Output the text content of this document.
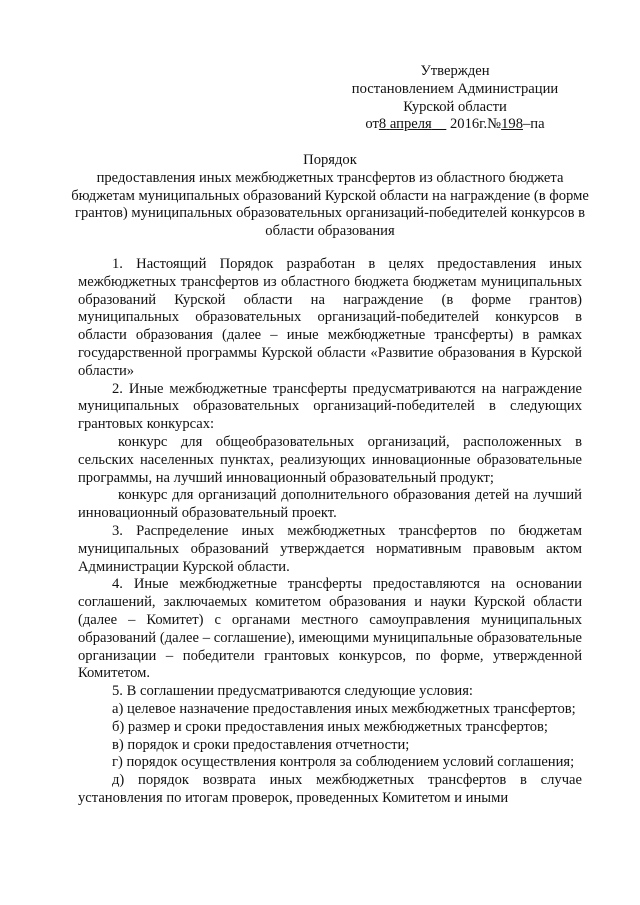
Утвержден
постановлением Администрации
Курской области
от8 апреля 2016г.№198–па
Порядок
предоставления иных межбюджетных трансфертов из областного бюджета бюджетам муниципальных образований Курской области на награждение (в форме грантов) муниципальных образовательных организаций-победителей конкурсов в области образования

1. Настоящий Порядок разработан в целях предоставления иных межбюджетных трансфертов из областного бюджета бюджетам муниципальных образований Курской области на награждение (в форме грантов) муниципальных образовательных организаций-победителей конкурсов в области образования (далее – иные межбюджетные трансферты) в рамках государственной программы Курской области «Развитие образования в Курской области»

2. Иные межбюджетные трансферты предусматриваются на награждение муниципальных образовательных организаций-победителей в следующих грантовых конкурсах:

конкурс для общеобразовательных организаций, расположенных в сельских населенных пунктах, реализующих инновационные образовательные программы, на лучший инновационный образовательный продукт;

конкурс для организаций дополнительного образования детей на лучший инновационный образовательный проект.

3. Распределение иных межбюджетных трансфертов по бюджетам муниципальных образований утверждается нормативным правовым актом Администрации Курской области.

4. Иные межбюджетные трансферты предоставляются на основании соглашений, заключаемых комитетом образования и науки Курской области (далее – Комитет) с органами местного самоуправления муниципальных образований (далее – соглашение), имеющими муниципальные образовательные организации – победители грантовых конкурсов, по форме, утвержденной Комитетом.

5. В соглашении предусматриваются следующие условия:

а) целевое назначение предоставления иных межбюджетных трансфертов;

б) размер и сроки предоставления иных межбюджетных трансфертов;

в) порядок и сроки предоставления отчетности;

г) порядок осуществления контроля за соблюдением условий соглашения;

д) порядок возврата иных межбюджетных трансфертов в случае установления по итогам проверок, проведенных Комитетом и иными
